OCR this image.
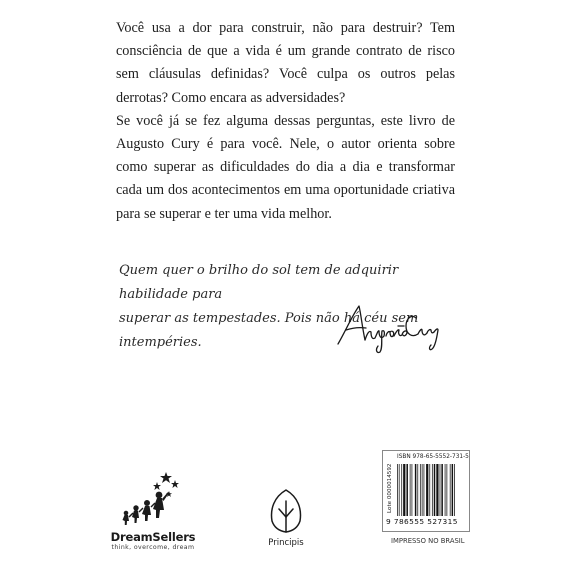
Você usa a dor para construir, não para destruir? Tem consciência de que a vida é um grande contrato de risco sem cláusulas definidas? Você culpa os outros pelas derrotas? Como encara as adversidades?

Se você já se fez alguma dessas perguntas, este livro de Augusto Cury é para você. Nele, o autor orienta sobre como superar as dificuldades do dia a dia e transformar cada um dos acontecimentos em uma oportunidade criativa para se superar e ter uma vida melhor.

Quem quer o brilho do sol tem de adquirir habilidade para
superar as tempestades. Pois não há céu sem intempéries.
DreamSellers
think, overcome, dream	Principis
ISBN 978-65-5552-731-5
Lote 0000014592
9 786555 527315
IMPRESSO NO BRASIL
